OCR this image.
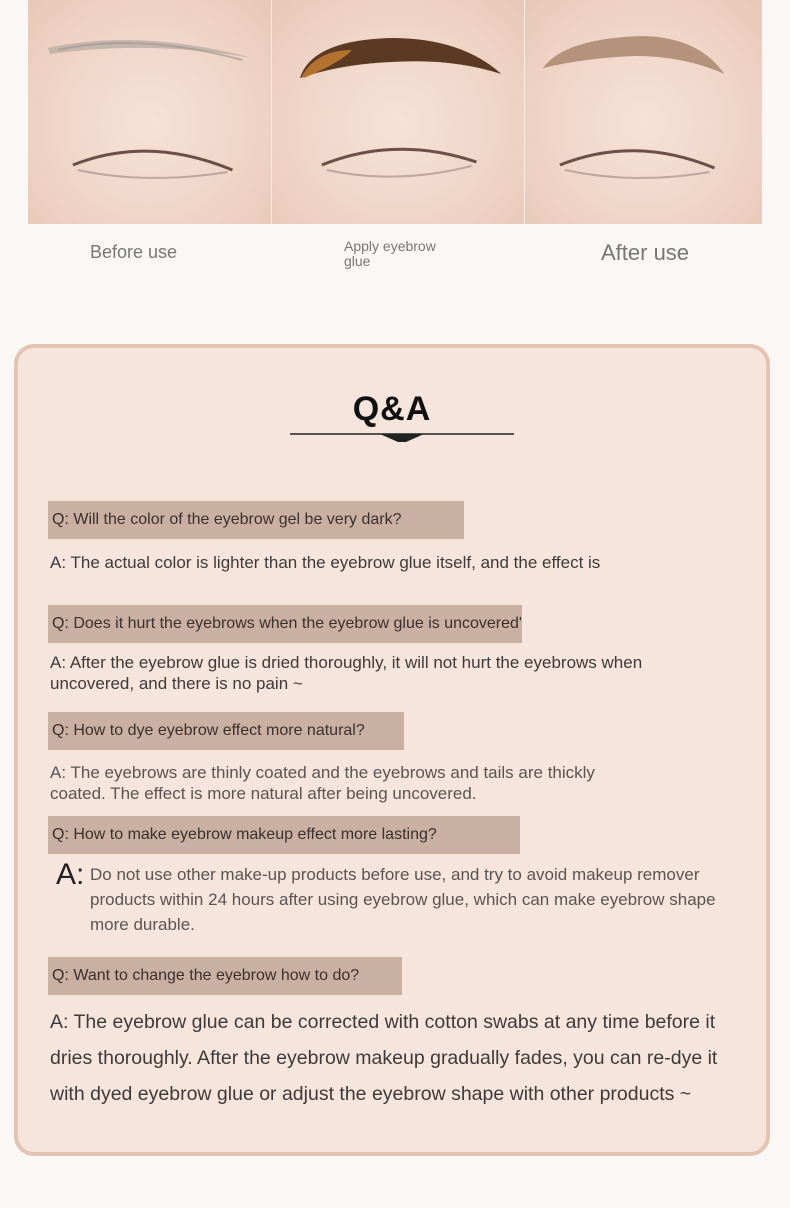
Before use	Apply eyebrow glue	After use
Q&A
Q: Will the color of the eyebrow gel be very dark?
A: The actual color is lighter than the eyebrow glue itself, and the effect is
Q: Does it hurt the eyebrows when the eyebrow glue is uncovered'
A: After the eyebrow glue is dried thoroughly, it will not hurt the eyebrows when uncovered, and there is no pain ~
Q: How to dye eyebrow effect more natural?
A: The eyebrows are thinly coated and the eyebrows and tails are thickly coated. The effect is more natural after being uncovered.
Q: How to make eyebrow makeup effect more lasting?
A: Do not use other make-up products before use, and try to avoid makeup remover products within 24 hours after using eyebrow glue, which can make eyebrow shape more durable.
Q: Want to change the eyebrow how to do?
A: The eyebrow glue can be corrected with cotton swabs at any time before it dries thoroughly. After the eyebrow makeup gradually fades, you can re-dye it with dyed eyebrow glue or adjust the eyebrow shape with other products ~
